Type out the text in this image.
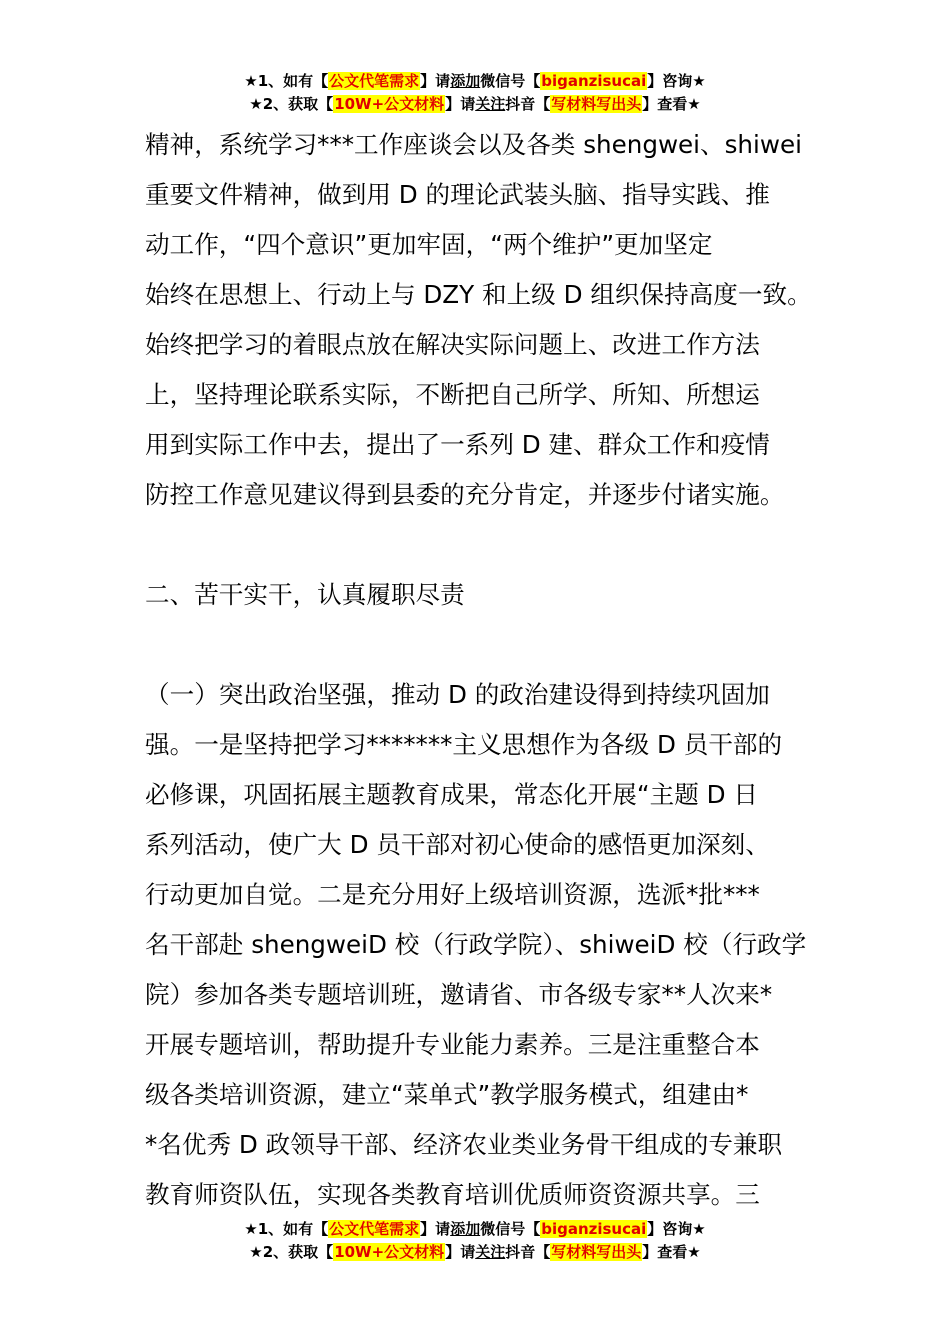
★1、如有【公文代笔需求】请添加微信号【biganzisucai】咨询★
★2、获取【10W+公文材料】请关注抖音【写材料写出头】查看★
精神，系统学习***工作座谈会以及各类 shengwei、shiwei
重要文件精神，做到用 D 的理论武装头脑、指导实践、推
动工作，“四个意识”更加牢固，“两个维护”更加坚定
始终在思想上、行动上与 DZY 和上级 D 组织保持高度一致。
始终把学习的着眼点放在解决实际问题上、改进工作方法
上，坚持理论联系实际，不断把自己所学、所知、所想运
用到实际工作中去，提出了一系列 D 建、群众工作和疫情
防控工作意见建议得到县委的充分肯定，并逐步付诸实施。
二、苦干实干，认真履职尽责
（一）突出政治坚强，推动 D 的政治建设得到持续巩固加
强。一是坚持把学习*******主义思想作为各级 D 员干部的
必修课，巩固拓展主题教育成果，常态化开展“主题 D 日
系列活动，使广大 D 员干部对初心使命的感悟更加深刻、
行动更加自觉。二是充分用好上级培训资源，选派*批***
名干部赴 shengweiD 校（行政学院）、shiweiD 校（行政学
院）参加各类专题培训班，邀请省、市各级专家**人次来*
开展专题培训，帮助提升专业能力素养。三是注重整合本
级各类培训资源，建立“菜单式”教学服务模式，组建由*
*名优秀 D 政领导干部、经济农业类业务骨干组成的专兼职
教育师资队伍，实现各类教育培训优质师资资源共享。三
★1、如有【公文代笔需求】请添加微信号【biganzisucai】咨询★
★2、获取【10W+公文材料】请关注抖音【写材料写出头】查看★
